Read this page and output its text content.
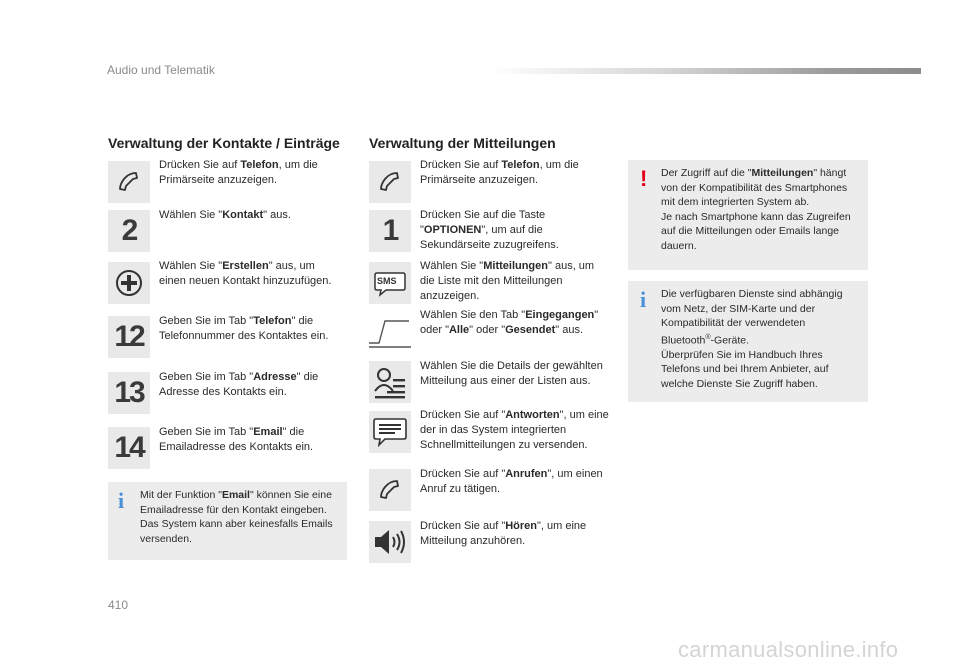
Audio und Telematik
Verwaltung der Kontakte / Einträge
Drücken Sie auf Telefon, um die Primärseite anzuzeigen.
2	Wählen Sie "Kontakt" aus.
Wählen Sie "Erstellen" aus, um einen neuen Kontakt hinzuzufügen.
12	Geben Sie im Tab "Telefon" die Telefonnummer des Kontaktes ein.
13	Geben Sie im Tab "Adresse" die Adresse des Kontakts ein.
14	Geben Sie im Tab "Email" die Emailadresse des Kontakts ein.
i Mit der Funktion "Email" können Sie eine Emailadresse für den Kontakt eingeben. Das System kann aber keinesfalls Emails versenden.
Verwaltung der Mitteilungen
Drücken Sie auf Telefon, um die Primärseite anzuzeigen.
1	Drücken Sie auf die Taste "OPTIONEN", um auf die Sekundärseite zuzugreifens.
SMS
Wählen Sie "Mitteilungen" aus, um die Liste mit den Mitteilungen anzuzeigen.
Wählen Sie den Tab "Eingegangen" oder "Alle" oder "Gesendet" aus.
Wählen Sie die Details der gewählten Mitteilung aus einer der Listen aus.
Drücken Sie auf "Antworten", um eine der in das System integrierten Schnellmitteilungen zu versenden.
Drücken Sie auf "Anrufen", um einen Anruf zu tätigen.
Drücken Sie auf "Hören", um eine Mitteilung anzuhören.
! Der Zugriff auf die "Mitteilungen" hängt von der Kompatibilität des Smartphones mit dem integrierten System ab.
Je nach Smartphone kann das Zugreifen auf die Mitteilungen oder Emails lange dauern.
i Die verfügbaren Dienste sind abhängig vom Netz, der SIM-Karte und der Kompatibilität der verwendeten Bluetooth®-Geräte.
Überprüfen Sie im Handbuch Ihres Telefons und bei Ihrem Anbieter, auf welche Dienste Sie Zugriff haben.
410
carmanualsonline.info
